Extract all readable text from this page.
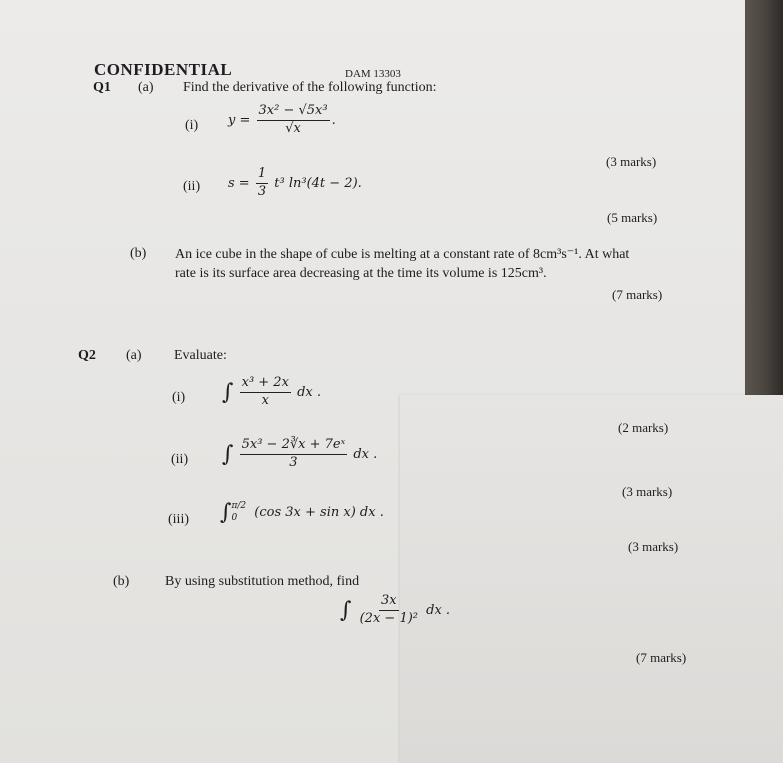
CONFIDENTIAL	DAM 13303
Q1 (a) Find the derivative of the following function:
(i) $y = \frac{\text{3x² − √5x³}}{√x}$ .
(3 marks)
(ii) $s = \frac{1}{3} t^3$ ln³(4t − 2).
(5 marks)
(b) An ice cube in the shape of cube is melting at a constant rate of 8cm³s⁻¹. At what
rate is its surface area decreasing at the time its volume is 125cm³.
(7 marks)
Q2 (a) Evaluate:
(i) ∫ $\frac{\text{x³ + 2x}}{x}$ dx .
(2 marks)
(ii) ∫ $\frac{\text{5x³ − 2∛x + 7eˣ}}{3}$ dx .
(3 marks)
(iii) ∫ π/2
0	(cos 3x + sin x) dx .
(3 marks)
(b)	By using substitution method, find
∫ $\frac{3x}{\text{(2x − 1)²}}$ dx .
(7 marks)
